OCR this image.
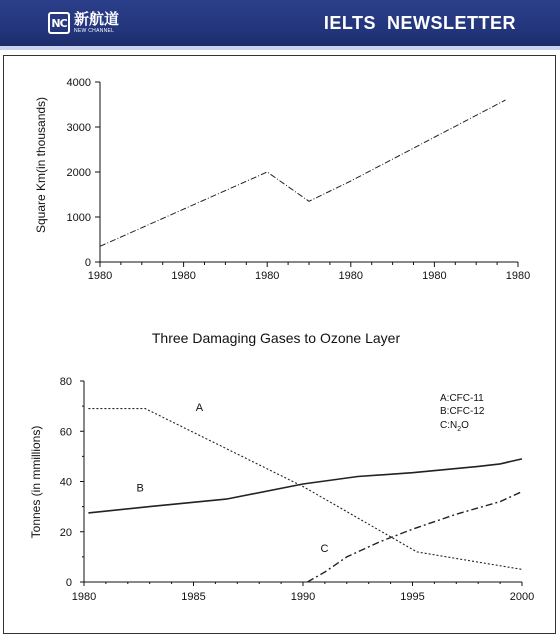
NC 新航道
NEW CHANNEL	IELTS  NEWSLETTER
Square Km(in thousands)
1980	1980	1980	1980	1980	1980
0
1000
2000
3000
4000
Three Damaging Gases to Ozone Layer
Tonnes (in mmillions)
A:CFC-11
B:CFC-12
$C:N_2O$
1980	1985	1990	1995	2000
0
20
40
60
80
A
B
C
